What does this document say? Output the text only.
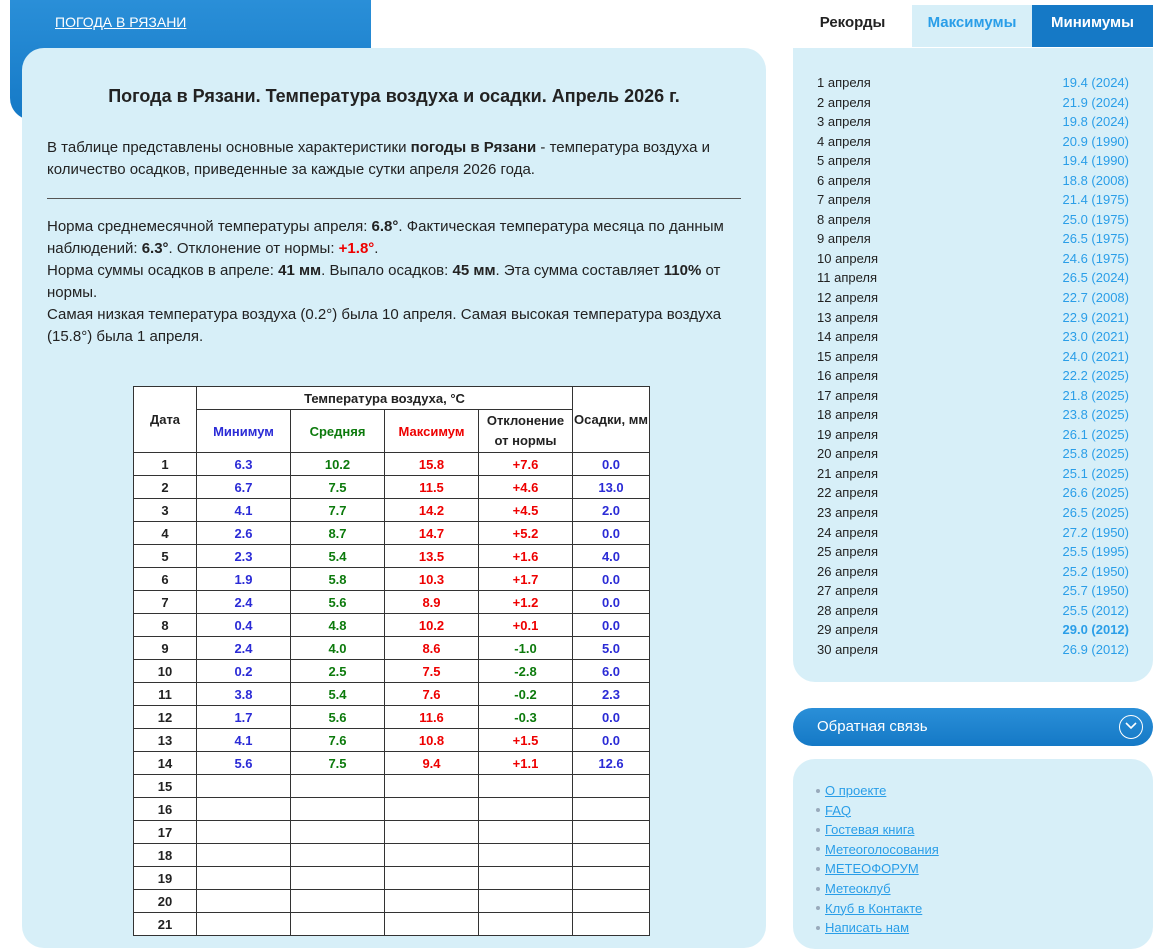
ПОГОДА В РЯЗАНИ
Погода в Рязани. Температура воздуха и осадки. Апрель 2026 г.
В таблице представлены основные характеристики погоды в Рязани - температура воздуха и количество осадков, приведенные за каждые сутки апреля 2026 года.
Норма среднемесячной температуры апреля: 6.8°. Фактическая температура месяца по данным наблюдений: 6.3°. Отклонение от нормы: +1.8°.
Норма суммы осадков в апреле: 41 мм. Выпало осадков: 45 мм. Эта сумма составляет 110% от нормы.
Самая низкая температура воздуха (0.2°) была 10 апреля. Самая высокая температура воздуха (15.8°) была 1 апреля.
Дата	Температура воздуха, °С				Осадки, мм
	Минимум	Средняя	Максимум	Отклонение от нормы	
1	6.3	10.2	15.8	+7.6	0.0
2	6.7	7.5	11.5	+4.6	13.0
3	4.1	7.7	14.2	+4.5	2.0
4	2.6	8.7	14.7	+5.2	0.0
5	2.3	5.4	13.5	+1.6	4.0
6	1.9	5.8	10.3	+1.7	0.0
7	2.4	5.6	8.9	+1.2	0.0
8	0.4	4.8	10.2	+0.1	0.0
9	2.4	4.0	8.6	-1.0	5.0
10	0.2	2.5	7.5	-2.8	6.0
11	3.8	5.4	7.6	-0.2	2.3
12	1.7	5.6	11.6	-0.3	0.0
13	4.1	7.6	10.8	+1.5	0.0
14	5.6	7.5	9.4	+1.1	12.6
15					
16					
17					
18					
19					
20					
21					
Рекорды	Максимумы	Минимумы
1 апреля	19.4 (2024)
2 апреля	21.9 (2024)
3 апреля	19.8 (2024)
4 апреля	20.9 (1990)
5 апреля	19.4 (1990)
6 апреля	18.8 (2008)
7 апреля	21.4 (1975)
8 апреля	25.0 (1975)
9 апреля	26.5 (1975)
10 апреля	24.6 (1975)
11 апреля	26.5 (2024)
12 апреля	22.7 (2008)
13 апреля	22.9 (2021)
14 апреля	23.0 (2021)
15 апреля	24.0 (2021)
16 апреля	22.2 (2025)
17 апреля	21.8 (2025)
18 апреля	23.8 (2025)
19 апреля	26.1 (2025)
20 апреля	25.8 (2025)
21 апреля	25.1 (2025)
22 апреля	26.6 (2025)
23 апреля	26.5 (2025)
24 апреля	27.2 (1950)
25 апреля	25.5 (1995)
26 апреля	25.2 (1950)
27 апреля	25.7 (1950)
28 апреля	25.5 (2012)
29 апреля	29.0 (2012)
30 апреля	26.9 (2012)
Обратная связь
О проекте
FAQ
Гостевая книга
Метеоголосования
МЕТЕОФОРУМ
Метеоклуб
Клуб в Контакте
Написать нам
